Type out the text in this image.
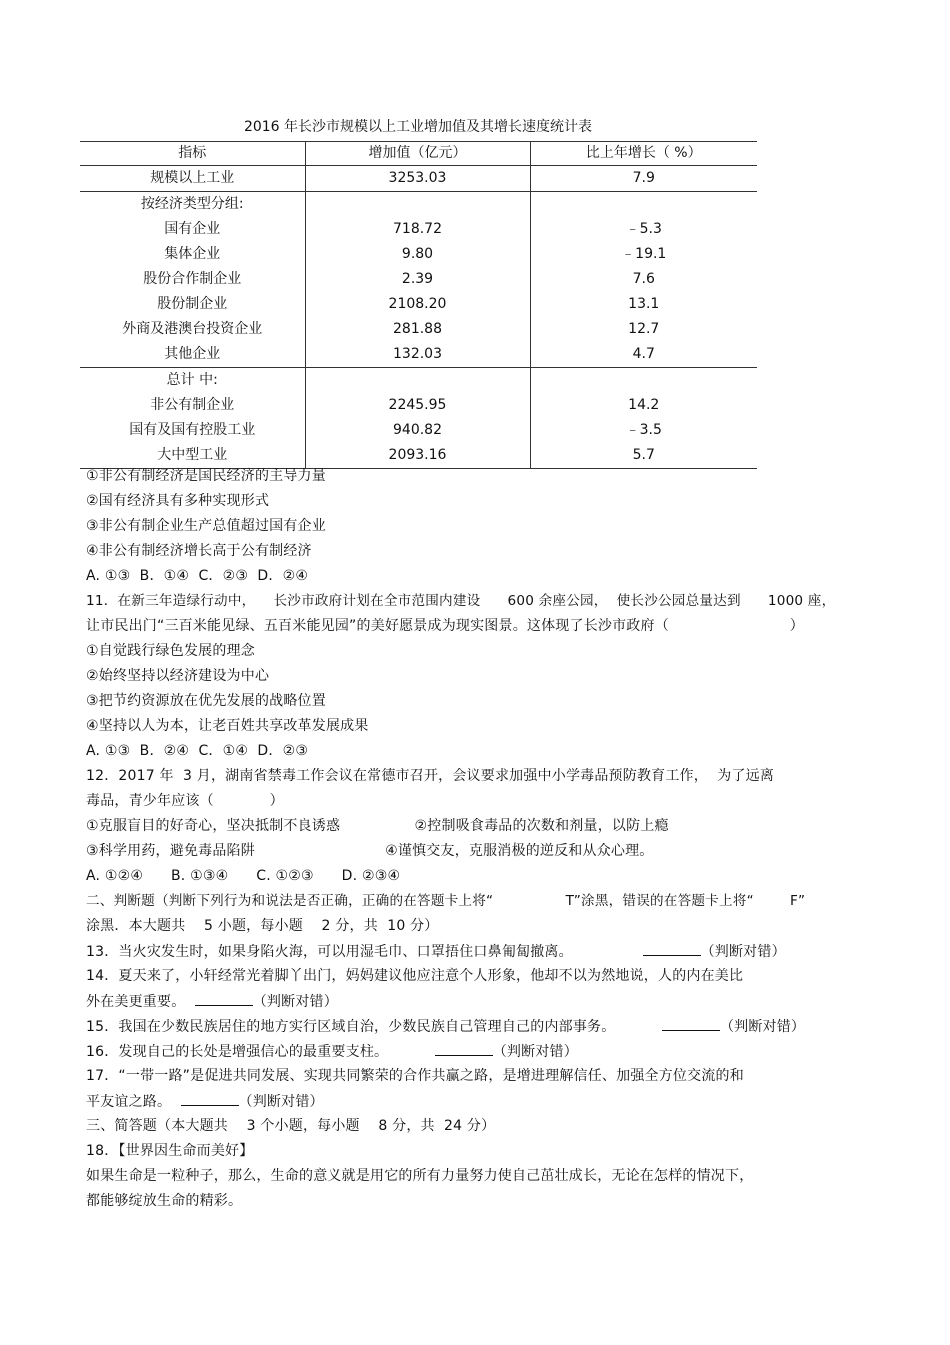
2016 年长沙市规模以上工业增加值及其增长速度统计表
指标	增加值（亿元）	比上年增长（ %）
规模以上工业	3253.03	7.9
按经济类型分组:		
国有企业	718.72	﹣5.3
集体企业	9.80	﹣19.1
股份合作制企业	2.39	7.6
股份制企业	2108.20	13.1
外商及港澳台投资企业	281.88	12.7
其他企业	132.03	4.7
总计 中:		
非公有制企业	2245.95	14.2
国有及国有控股工业	940.82	﹣3.5
大中型工业	2093.16	5.7
①非公有制经济是国民经济的主导力量
②国有经济具有多种实现形式
③非公有制企业生产总值超过国有企业
④非公有制经济增长高于公有制经济
A. ①③  B．①④  C．②③  D．②④
11．在新三年造绿行动中，    长沙市政府计划在全市范围内建设      600 余座公园，  使长沙公园总量达到      1000 座，
让市民出门“三百米能见绿、五百米能见园”的美好愿景成为现实图景。这体现了长沙市政府（                          ）
①自觉践行绿色发展的理念
②始终坚持以经济建设为中心
③把节约资源放在优先发展的战略位置
④坚持以人为本，让老百姓共享改革发展成果
A. ①③  B．②④  C．①④  D．②③
12．2017 年  3 月，湖南省禁毒工作会议在常德市召开，会议要求加强中小学毒品预防教育工作，  为了远离
毒品，青少年应该（            ）
①克服盲目的好奇心，坚决抵制不良诱惑                ②控制吸食毒品的次数和剂量，以防上瘾
③科学用药，避免毒品陷阱                            ④谨慎交友，克服消极的逆反和从众心理。
A. ①②④      B. ①③④      C. ①②③      D. ②③④
二、判断题（判断下列行为和说法是否正确，正确的在答题卡上将“                T”涂黑，错误的在答题卡上将“        F”
涂黑．本大题共    5 小题，每小题    2 分，共  10 分）
13．当火灾发生时，如果身陷火海，可以用湿毛巾、口罩捂住口鼻匍匐撤离。	（判断对错）
14．夏天来了，小轩经常光着脚丫出门，妈妈建议他应注意个人形象，他却不以为然地说，人的内在美比
外在美更重要。	（判断对错）
15．我国在少数民族居住的地方实行区域自治，少数民族自己管理自己的内部事务。	（判断对错）
16．发现自己的长处是增强信心的最重要支柱。	（判断对错）
17．“一带一路”是促进共同发展、实现共同繁荣的合作共赢之路，是增进理解信任、加强全方位交流的和
平友谊之路。	（判断对错）
三、简答题（本大题共    3 个小题，每小题    8 分，共  24 分）
18．【世界因生命而美好】
如果生命是一粒种子，那么，生命的意义就是用它的所有力量努力使自己茁壮成长，无论在怎样的情况下，
都能够绽放生命的精彩。
